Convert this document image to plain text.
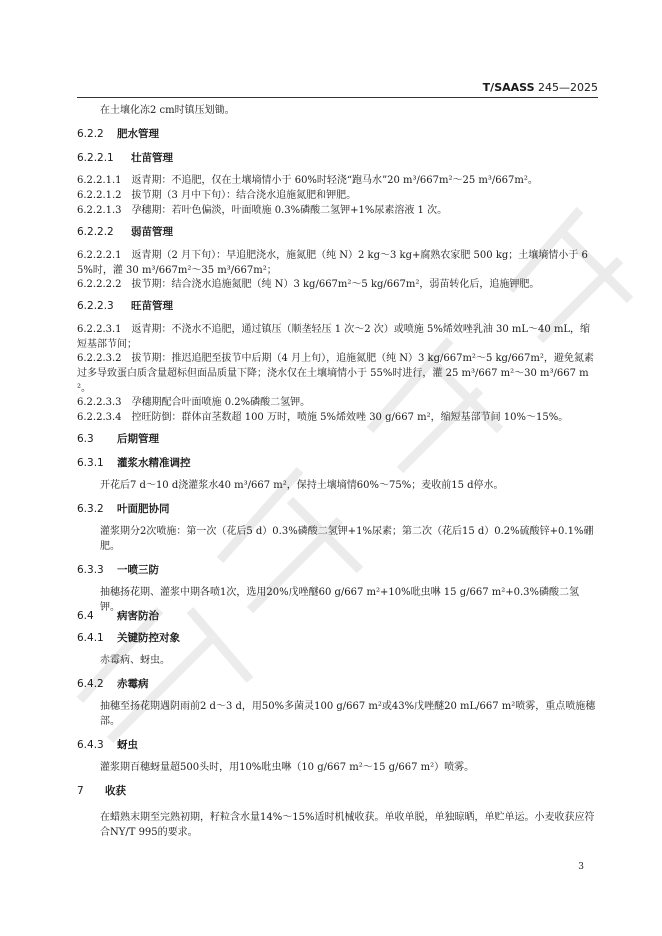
T/SAASS 245—2025
在土壤化冻2 cm时镇压划锄。
6.2.2 肥水管理
6.2.2.1 壮苗管理
6.2.2.1.1　返青期：不追肥，仅在土壤墒情小于 60%时轻浇“跑马水”20 m³/667m²～25 m³/667m²。
6.2.2.1.2　拔节期（3 月中下旬）：结合浇水追施氮肥和钾肥。
6.2.2.1.3　孕穗期：若叶色偏淡，叶面喷施 0.3%磷酸二氢钾+1%尿素溶液 1 次。
6.2.2.2 弱苗管理
6.2.2.2.1　返青期（2 月下旬）：早追肥浇水，施氮肥（纯 N）2 kg～3 kg+腐熟农家肥 500 kg；土壤墒情小于 65%时，灌 30 m³/667m²～35 m³/667m²；
6.2.2.2.2　拔节期：结合浇水追施氮肥（纯 N）3 kg/667m²～5 kg/667m²，弱苗转化后，追施钾肥。
6.2.2.3 旺苗管理
6.2.2.3.1　返青期：不浇水不追肥，通过镇压（顺垄轻压 1 次～2 次）或喷施 5%烯效唑乳油 30 mL～40 mL，缩短基部节间；
6.2.2.3.2　拔节期：推迟追肥至拔节中后期（4 月上旬），追施氮肥（纯 N）3 kg/667m²～5 kg/667m²，避免氮素过多导致蛋白质含量超标但面品质量下降；浇水仅在土壤墒情小于 55%时进行，灌 25 m³/667 m²～30 m³/667 m²。
6.2.2.3.3　孕穗期配合叶面喷施 0.2%磷酸二氢钾。
6.2.2.3.4　控旺防倒：群体亩茎数超 100 万时，喷施 5%烯效唑 30 g/667 m²，缩短基部节间 10%～15%。
6.3 后期管理
6.3.1 灌浆水精准调控
开花后7 d～10 d浇灌浆水40 m³/667 m²，保持土壤墒情60%～75%；麦收前15 d停水。
6.3.2 叶面肥协同
灌浆期分2次喷施：第一次（花后5 d）0.3%磷酸二氢钾+1%尿素；第二次（花后15 d）0.2%硫酸锌+0.1%硼肥。
6.3.3 一喷三防
抽穗扬花期、灌浆中期各喷1次，选用20%戊唑醚60 g/667 m²+10%吡虫啉 15 g/667 m²+0.3%磷酸二氢钾。
6.4 病害防治
6.4.1 关键防控对象
赤霉病、蚜虫。
6.4.2 赤霉病
抽穗至扬花期遇阴雨前2 d～3 d，用50%多菌灵100 g/667 m²或43%戊唑醚20 mL/667 m²喷雾，重点喷施穗部。
6.4.3 蚜虫
灌浆期百穗蚜量超500头时，用10%吡虫啉（10 g/667 m²～15 g/667 m²）喷雾。
7 收获
在蜡熟末期至完熟初期，籽粒含水量14%～15%适时机械收获。单收单脱，单独晾晒，单贮单运。小麦收获应符合NY/T 995的要求。
3
